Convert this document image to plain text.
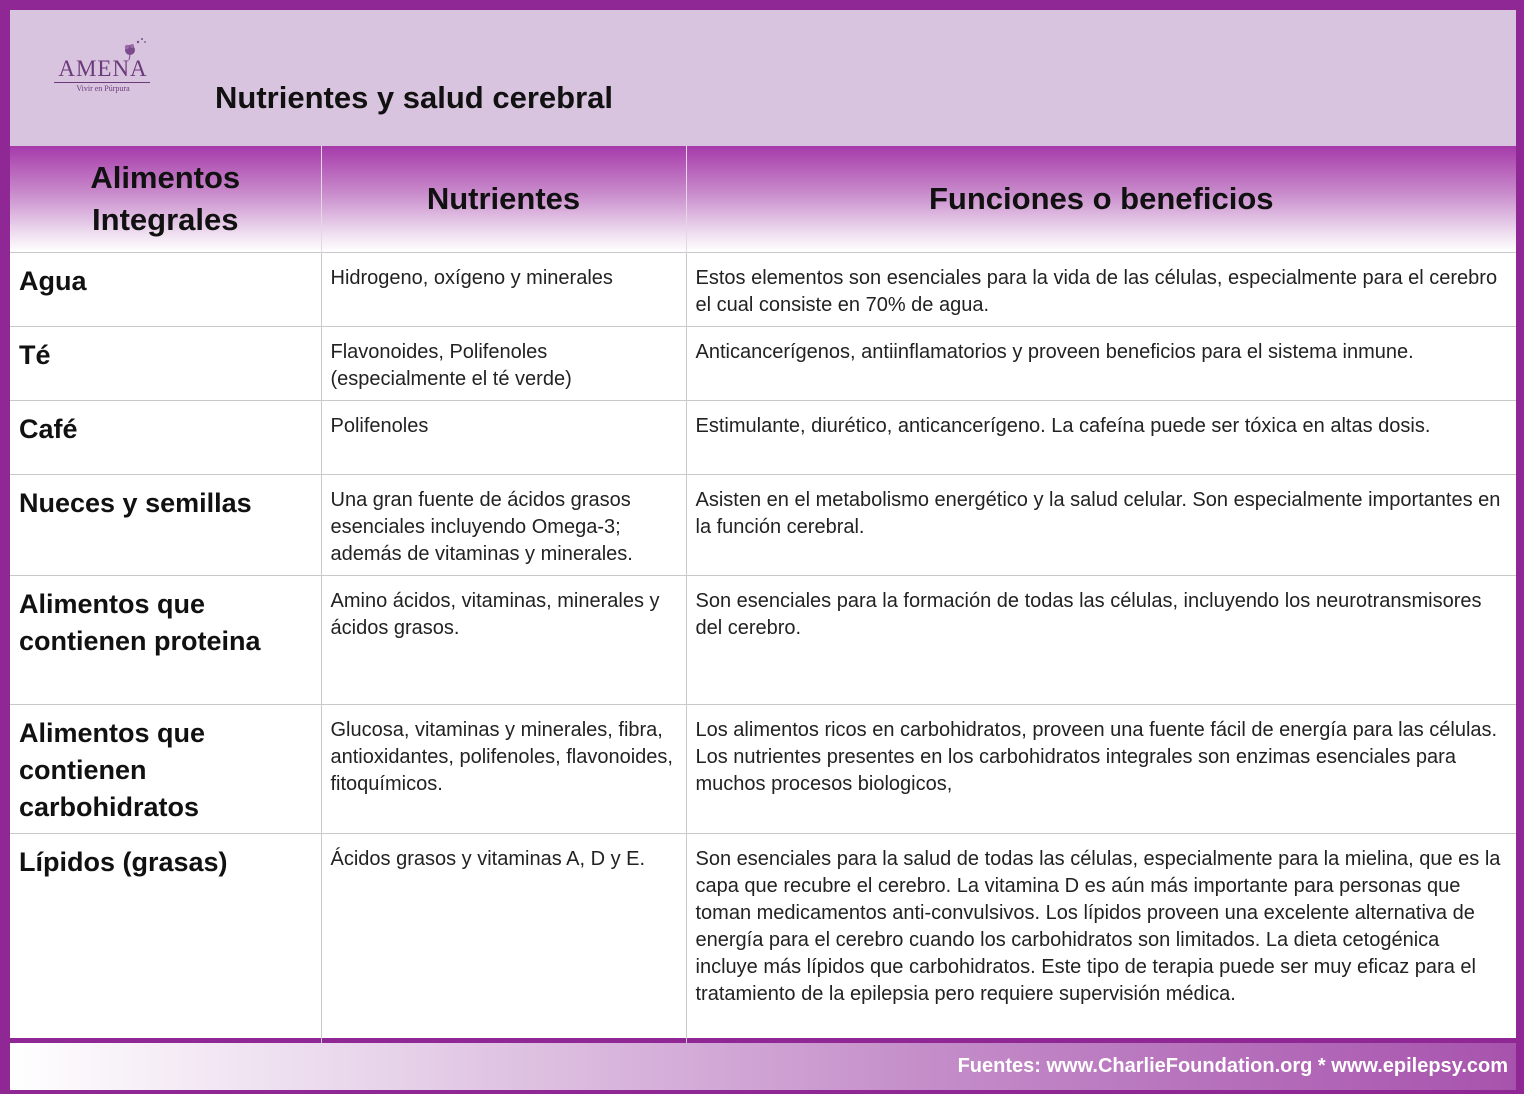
AMENA
Vivir en Púrpura	Nutrientes y salud cerebral
Alimentos Integrales	Nutrientes	Funciones o beneficios
Agua	Hidrogeno, oxígeno y minerales	Estos elementos son esenciales para la vida de las células, especialmente para el cerebro el cual consiste en 70% de agua.
Té	Flavonoides, Polifenoles (especialmente el té verde)	Anticancerígenos, antiinflamatorios y proveen beneficios para el sistema inmune.
Café	Polifenoles	Estimulante, diurético, anticancerígeno. La cafeína puede ser tóxica en altas dosis.
Nueces y semillas	Una gran fuente de ácidos grasos esenciales incluyendo Omega-3; además de vitaminas y minerales.	Asisten en el metabolismo energético y la salud celular. Son especialmente importantes en la función cerebral.
Alimentos que contienen proteina	Amino ácidos, vitaminas, minerales y ácidos grasos.	Son esenciales para la formación de todas las células, incluyendo los neurotransmisores del cerebro.
Alimentos que contienen carbohidratos	Glucosa, vitaminas y minerales, fibra, antioxidantes, polifenoles, flavonoides, fitoquímicos.	Los alimentos ricos en carbohidratos, proveen una fuente fácil de energía para las células. Los nutrientes presentes en los carbohidratos integrales son enzimas esenciales para muchos procesos biologicos,
Lípidos (grasas)	Ácidos grasos y vitaminas A, D y E.	Son esenciales para la salud de todas las células, especialmente para la mielina, que es la capa que recubre el cerebro. La vitamina D es aún más importante para personas que toman medicamentos anti-convulsivos. Los lípidos proveen una excelente alternativa de energía para el cerebro cuando los carbohidratos son limitados. La dieta cetogénica incluye más lípidos que carbohidratos. Este tipo de terapia puede ser muy eficaz para el tratamiento de la epilepsia pero requiere supervisión médica.
Fuentes: www.CharlieFoundation.org * www.epilepsy.com
